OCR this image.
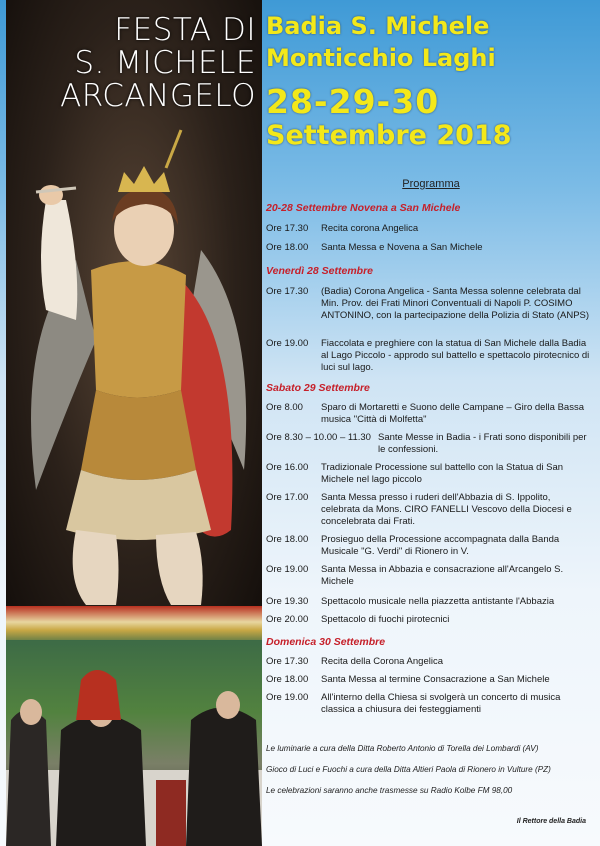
FESTA DI
S. MICHELE
ARCANGELO
Badia S. Michele
Monticchio Laghi
28-29-30
Settembre 2018
Programma
20-28 Settembre Novena a San Michele
Ore 17.30 Recita corona Angelica
Ore 18.00 Santa Messa e Novena a San Michele
Venerdì 28 Settembre
Ore 17.30 (Badia) Corona Angelica - Santa Messa solenne celebrata dal Min. Prov. dei Frati Minori Conventuali di Napoli P. COSIMO ANTONINO, con la partecipazione della Polizia di Stato (ANPS)
Ore 19.00 Fiaccolata e preghiere con la statua di San Michele dalla Badia al Lago Piccolo - approdo sul battello e spettacolo pirotecnico di luci sul lago.
Sabato 29 Settembre
Ore 8.00 Sparo di Mortaretti e Suono delle Campane – Giro della Bassa musica "Città di Molfetta"
Ore 8.30 – 10.00 – 11.30 Sante Messe in Badia - i Frati sono disponibili per le confessioni.
Ore 16.00 Tradizionale Processione sul battello con la Statua di San Michele nel lago piccolo
Ore 17.00 Santa Messa presso i ruderi dell'Abbazia di S. Ippolito, celebrata da Mons. CIRO FANELLI Vescovo della Diocesi e concelebrata dai Frati.
Ore 18.00 Prosieguo della Processione accompagnata dalla Banda Musicale "G. Verdi" di Rionero in V.
Ore 19.00 Santa Messa in Abbazia e consacrazione all'Arcangelo S. Michele
Ore 19.30 Spettacolo musicale nella piazzetta antistante l'Abbazia
Ore 20.00 Spettacolo di fuochi pirotecnici
Domenica 30 Settembre
Ore 17.30 Recita della Corona Angelica
Ore 18.00 Santa Messa al termine Consacrazione a San Michele
Ore 19.00 All'interno della Chiesa si svolgerà un concerto di musica classica a chiusura dei festeggiamenti
Le luminarie a cura della Ditta Roberto Antonio di Torella dei Lombardi (AV)
Gioco di Luci e Fuochi a cura della Ditta Altieri Paola di Rionero in Vulture (PZ)
Le celebrazioni saranno anche trasmesse su Radio Kolbe FM 98,00
Il Rettore della Badia
